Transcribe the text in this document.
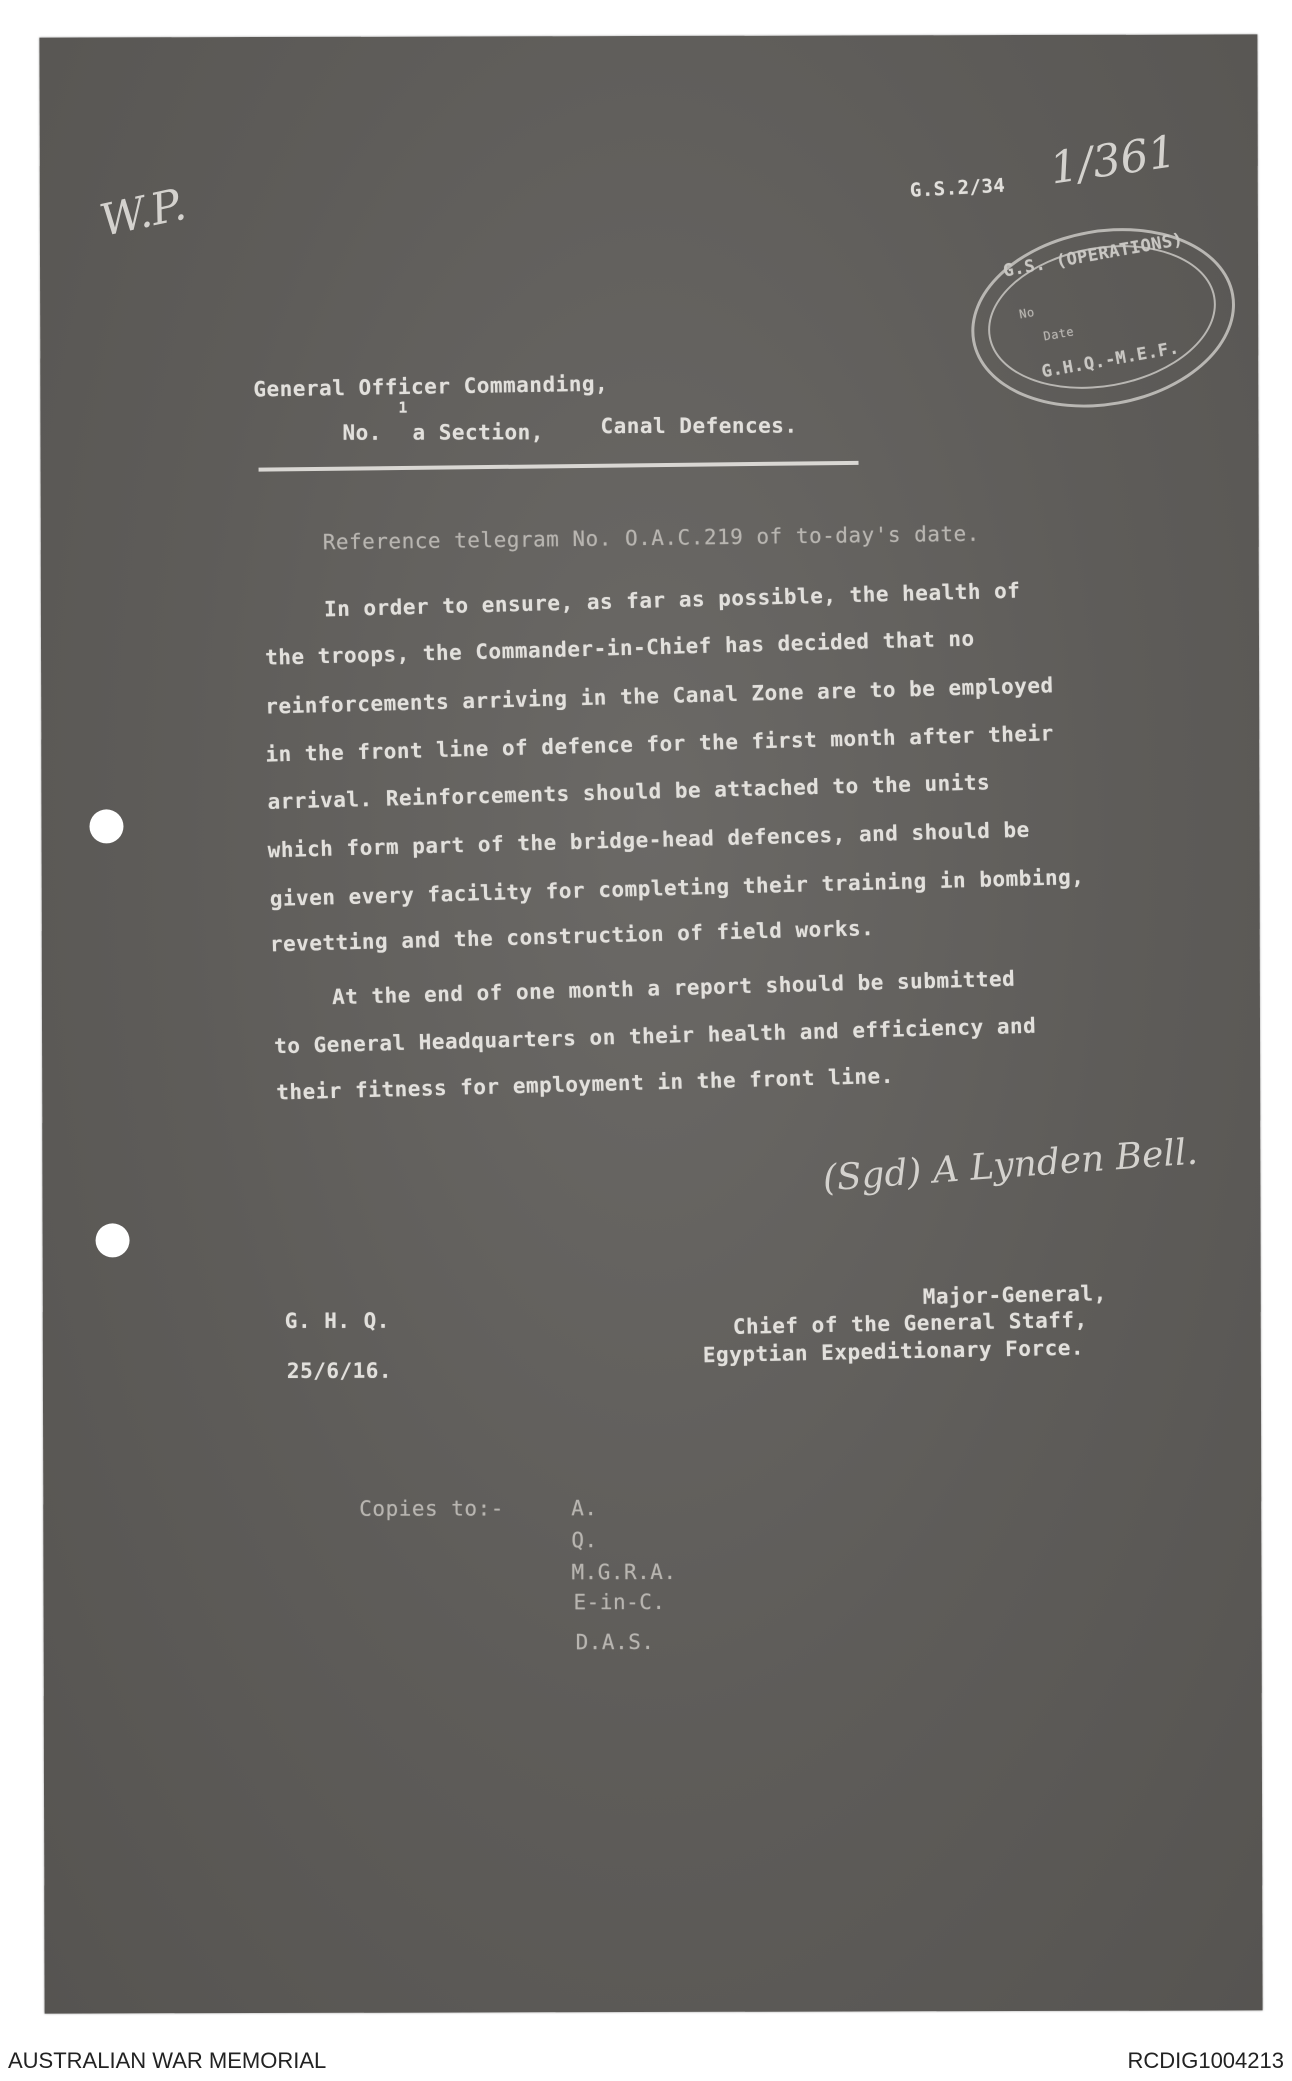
W.P.
1/361
G.S.2/34
G.S. (OPERATIONS)
No
Date
G.H.Q.-M.E.F.
General Officer Commanding,
No.
1
a Section,	Canal Defences.
Reference telegram No. O.A.C.219 of to-day's date.
In order to ensure, as far as possible, the health of
the troops, the Commander-in-Chief has decided that no
reinforcements arriving in the Canal Zone are to be employed
in the front line of defence for the first month after their
arrival. Reinforcements should be attached to the units
which form part of the bridge-head defences, and should be
given every facility for completing their training in bombing,
revetting and the construction of field works.
At the end of one month a report should be submitted
to General Headquarters on their health and efficiency and
their fitness for employment in the front line.
(Sgd) A Lynden Bell.
G. H. Q.
25/6/16.
Major-General,
Chief of the General Staff,
Egyptian Expeditionary Force.
Copies to:-	A.
Q.
M.G.R.A.
E-in-C.
D.A.S.
AUSTRALIAN WAR MEMORIAL	RCDIG1004213
